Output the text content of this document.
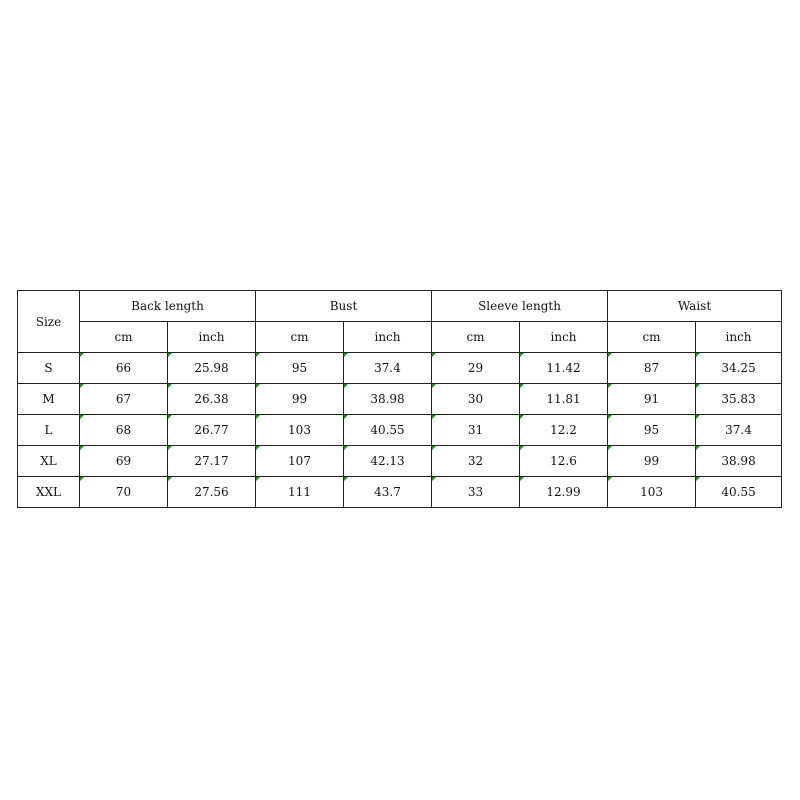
Size	Back length		Bust		Sleeve length		Waist	
	cm	inch	cm	inch	cm	inch	cm	inch
S	66	25.98	95	37.4	29	11.42	87	34.25
M	67	26.38	99	38.98	30	11.81	91	35.83
L	68	26.77	103	40.55	31	12.2	95	37.4
XL	69	27.17	107	42.13	32	12.6	99	38.98
XXL	70	27.56	111	43.7	33	12.99	103	40.55
